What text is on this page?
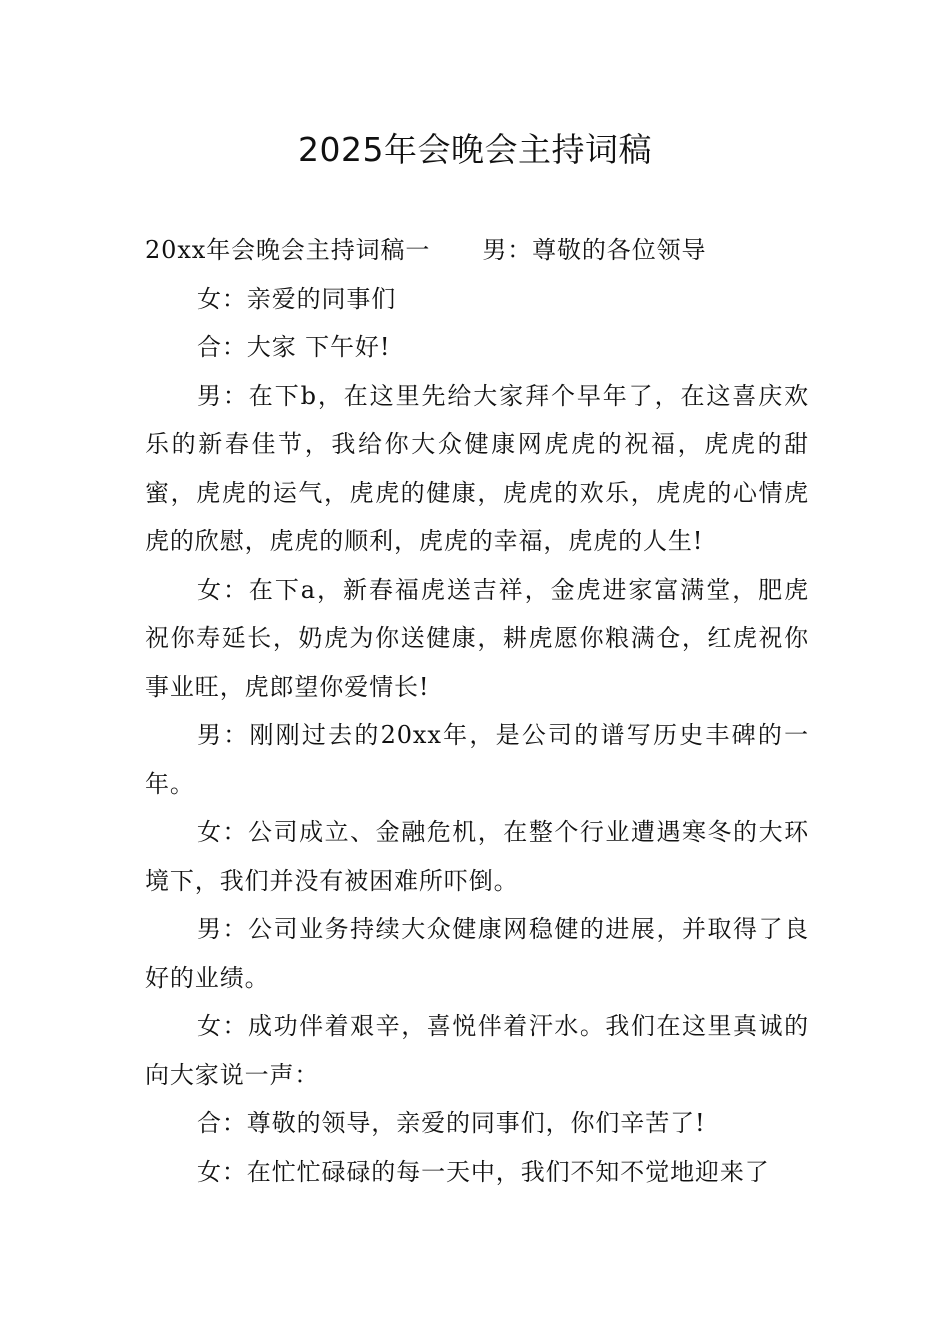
2025年会晚会主持词稿

20xx年会晚会主持词稿一 男：尊敬的各位领导

女：亲爱的同事们

合：大家 下午好!

男：在下b，在这里先给大家拜个早年了，在这喜庆欢乐的新春佳节，我给你大众健康网虎虎的祝福，虎虎的甜蜜，虎虎的运气，虎虎的健康，虎虎的欢乐，虎虎的心情虎虎的欣慰，虎虎的顺利，虎虎的幸福，虎虎的人生!

女：在下a，新春福虎送吉祥，金虎进家富满堂，肥虎祝你寿延长，奶虎为你送健康，耕虎愿你粮满仓，红虎祝你事业旺，虎郎望你爱情长!

男：刚刚过去的20xx年，是公司的谱写历史丰碑的一年。

女：公司成立、金融危机，在整个行业遭遇寒冬的大环境下，我们并没有被困难所吓倒。

男：公司业务持续大众健康网稳健的进展，并取得了良好的业绩。

女：成功伴着艰辛，喜悦伴着汗水。我们在这里真诚的向大家说一声：

合：尊敬的领导，亲爱的同事们，你们辛苦了!

女：在忙忙碌碌的每一天中，我们不知不觉地迎来了
